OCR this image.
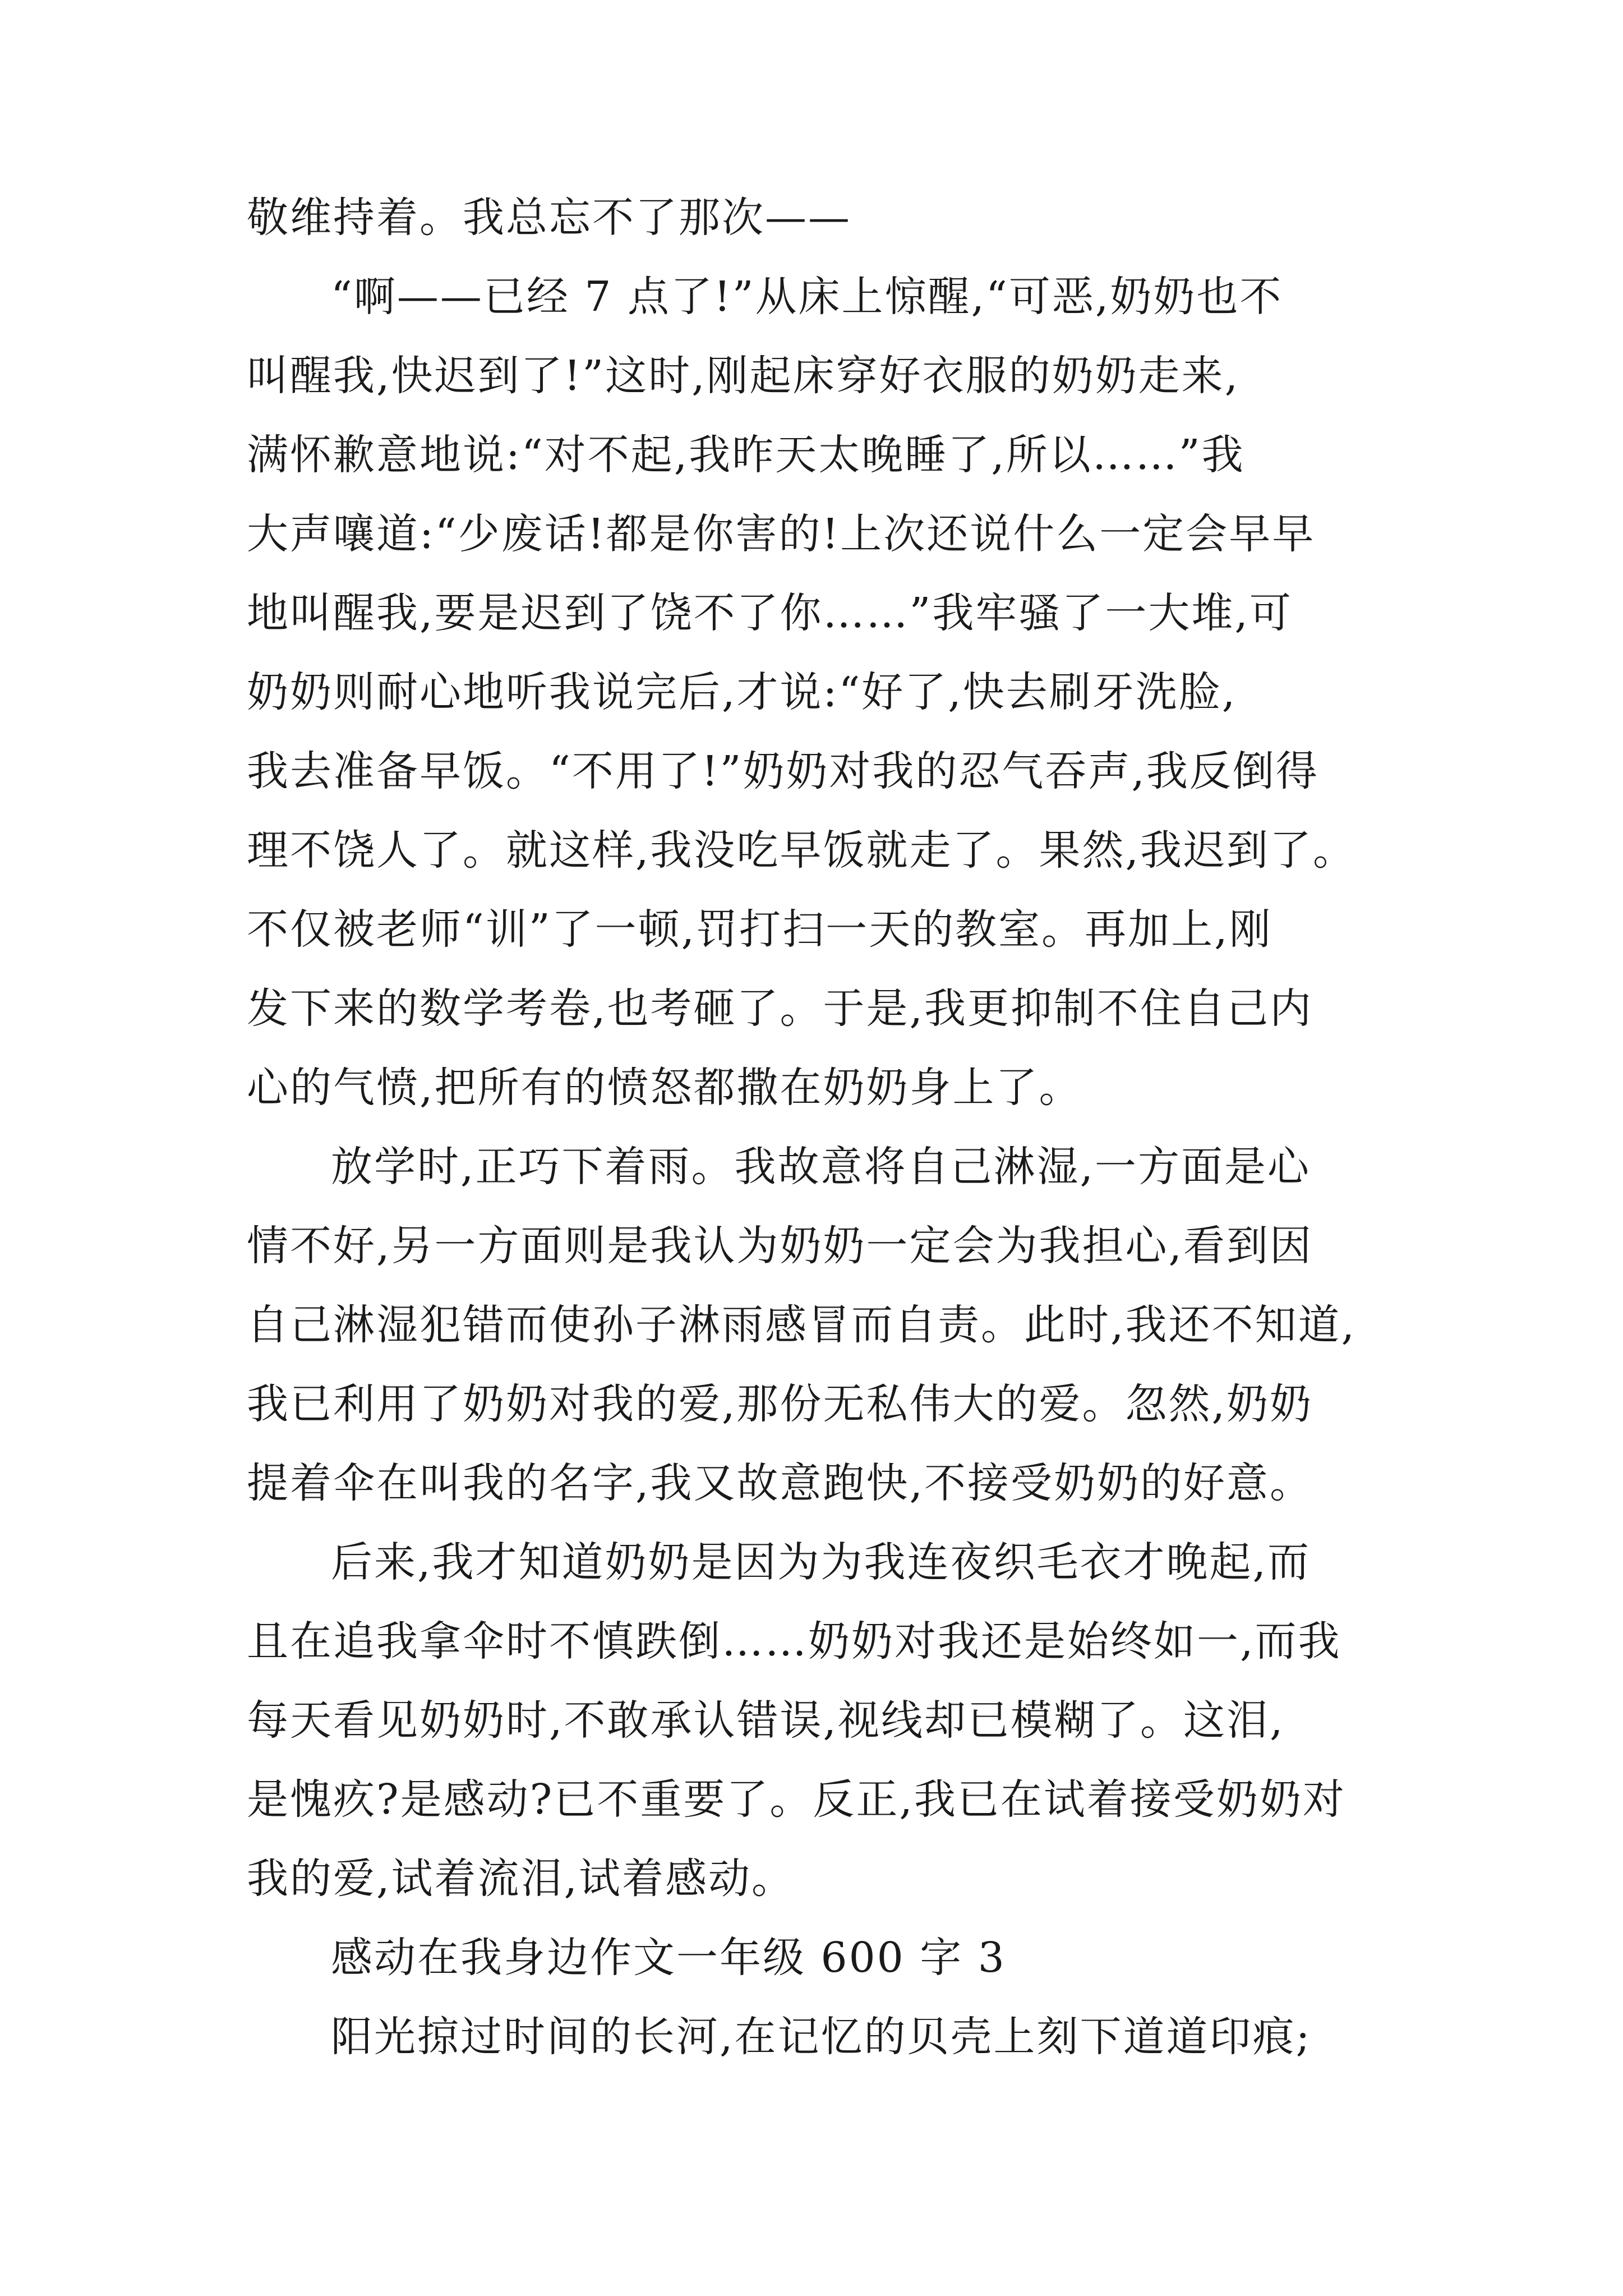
敬维持着。我总忘不了那次——
“啊——已经 7 点了!”从床上惊醒,“可恶,奶奶也不
叫醒我,快迟到了!”这时,刚起床穿好衣服的奶奶走来,
满怀歉意地说:“对不起,我昨天太晚睡了,所以……”我
大声嚷道:“少废话!都是你害的!上次还说什么一定会早早
地叫醒我,要是迟到了饶不了你……”我牢骚了一大堆,可
奶奶则耐心地听我说完后,才说:“好了,快去刷牙洗脸,
我去准备早饭。“不用了!”奶奶对我的忍气吞声,我反倒得
理不饶人了。就这样,我没吃早饭就走了。果然,我迟到了。
不仅被老师“训”了一顿,罚打扫一天的教室。再加上,刚
发下来的数学考卷,也考砸了。于是,我更抑制不住自己内
心的气愤,把所有的愤怒都撒在奶奶身上了。
放学时,正巧下着雨。我故意将自己淋湿,一方面是心
情不好,另一方面则是我认为奶奶一定会为我担心,看到因
自己淋湿犯错而使孙子淋雨感冒而自责。此时,我还不知道,
我已利用了奶奶对我的爱,那份无私伟大的爱。忽然,奶奶
提着伞在叫我的名字,我又故意跑快,不接受奶奶的好意。
后来,我才知道奶奶是因为为我连夜织毛衣才晚起,而
且在追我拿伞时不慎跌倒……奶奶对我还是始终如一,而我
每天看见奶奶时,不敢承认错误,视线却已模糊了。这泪,
是愧疚?是感动?已不重要了。反正,我已在试着接受奶奶对
我的爱,试着流泪,试着感动。
感动在我身边作文一年级 600 字 3
阳光掠过时间的长河,在记忆的贝壳上刻下道道印痕;
